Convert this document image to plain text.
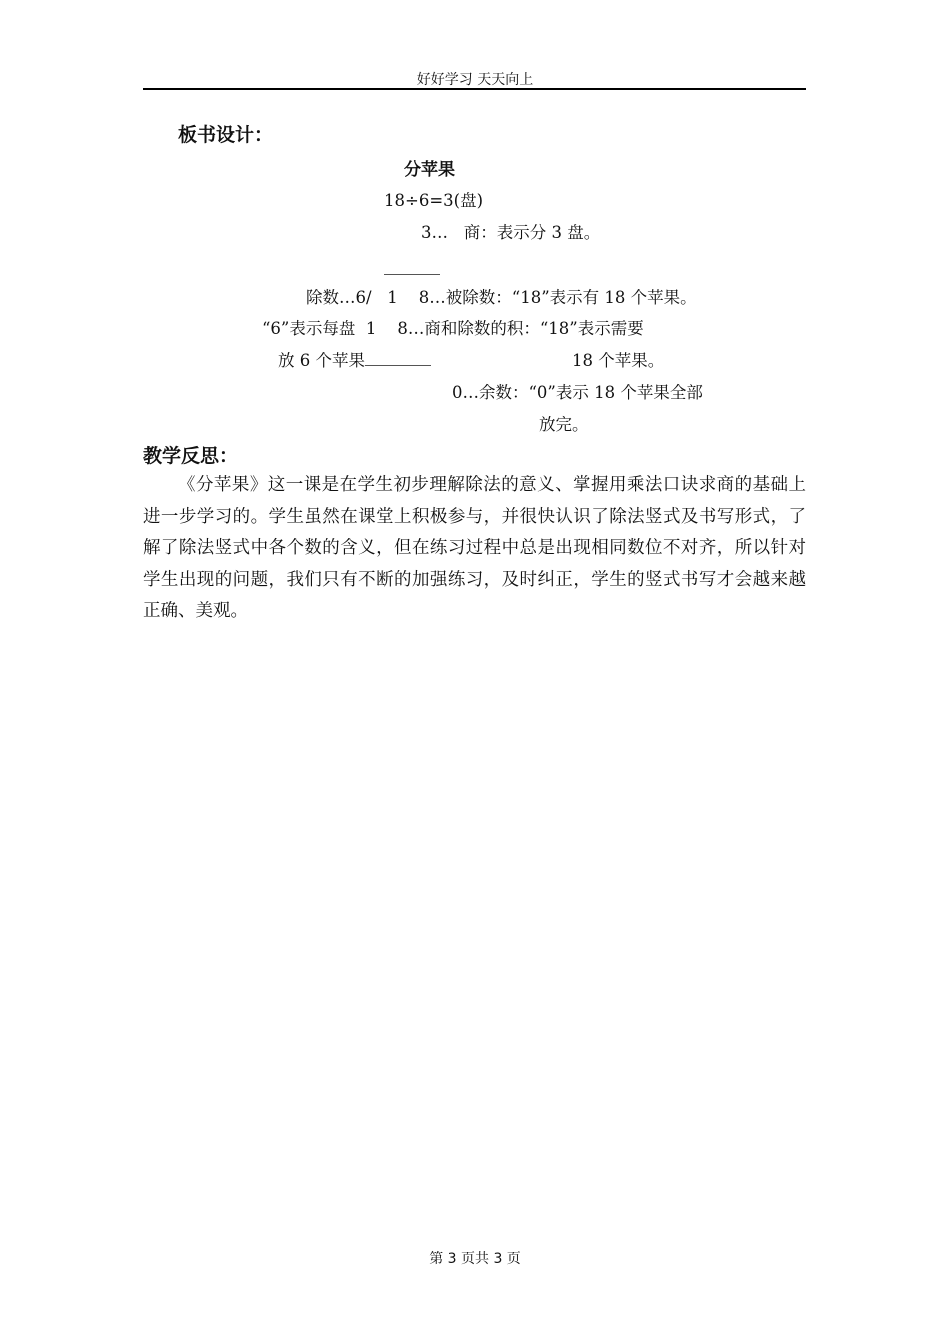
好好学习 天天向上
板书设计：
分苹果
18÷6=3(盘)
3…   商：表示分 3 盘。
除数…6/   1    8…被除数：“18”表示有 18 个苹果。
“6”表示每盘  1    8…商和除数的积：“18”表示需要
放 6 个苹果	18 个苹果。
0…余数：“0”表示 18 个苹果全部
放完。
教学反思：

《分苹果》这一课是在学生初步理解除法的意义、掌握用乘法口诀求商的基础上进一步学习的。学生虽然在课堂上积极参与，并很快认识了除法竖式及书写形式，了解了除法竖式中各个数的含义，但在练习过程中总是出现相同数位不对齐，所以针对学生出现的问题，我们只有不断的加强练习，及时纠正，学生的竖式书写才会越来越正确、美观。

第 3 页共 3 页
